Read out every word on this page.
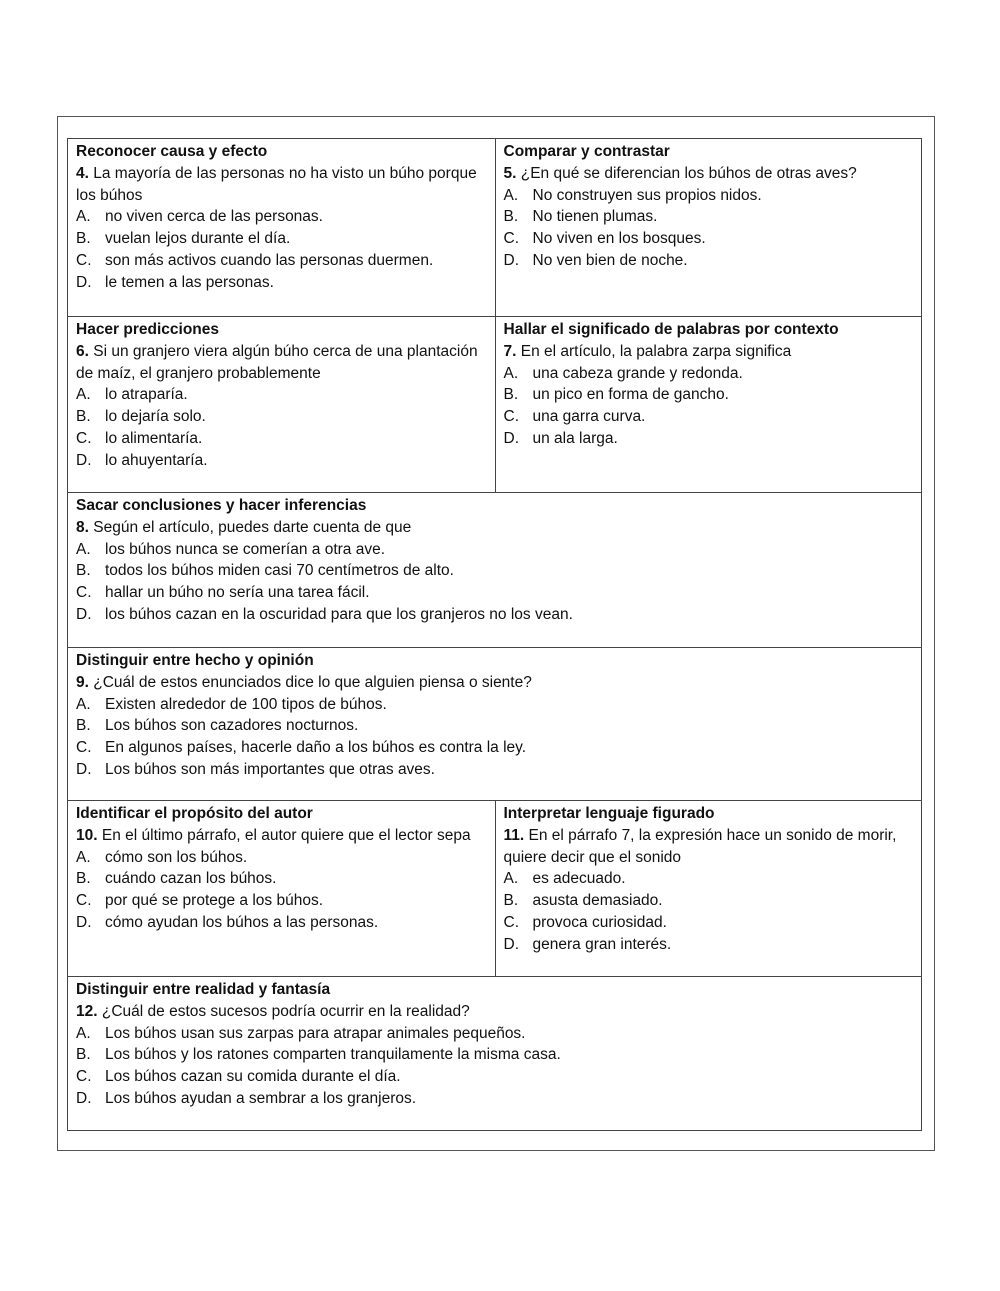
Reconocer causa y efecto
4. La mayoría de las personas no ha visto un búho porque los búhos
A. no viven cerca de las personas.
B. vuelan lejos durante el día.
C. son más activos cuando las personas duermen.
D. le temen a las personas.
Comparar y contrastar
5. ¿En qué se diferencian los búhos de otras aves?
A. No construyen sus propios nidos.
B. No tienen plumas.
C. No viven en los bosques.
D. No ven bien de noche.
Hacer predicciones
6. Si un granjero viera algún búho cerca de una plantación de maíz, el granjero probablemente
A. lo atraparía.
B. lo dejaría solo.
C. lo alimentaría.
D. lo ahuyentaría.
Hallar el significado de palabras por contexto
7. En el artículo, la palabra zarpa significa
A. una cabeza grande y redonda.
B. un pico en forma de gancho.
C. una garra curva.
D. un ala larga.
Sacar conclusiones y hacer inferencias
8. Según el artículo, puedes darte cuenta de que
A. los búhos nunca se comerían a otra ave.
B. todos los búhos miden casi 70 centímetros de alto.
C. hallar un búho no sería una tarea fácil.
D. los búhos cazan en la oscuridad para que los granjeros no los vean.
Distinguir entre hecho y opinión
9. ¿Cuál de estos enunciados dice lo que alguien piensa o siente?
A. Existen alrededor de 100 tipos de búhos.
B. Los búhos son cazadores nocturnos.
C. En algunos países, hacerle daño a los búhos es contra la ley.
D. Los búhos son más importantes que otras aves.
Identificar el propósito del autor
10. En el último párrafo, el autor quiere que el lector sepa
A. cómo son los búhos.
B. cuándo cazan los búhos.
C. por qué se protege a los búhos.
D. cómo ayudan los búhos a las personas.
Interpretar lenguaje figurado
11. En el párrafo 7, la expresión hace un sonido de morir, quiere decir que el sonido
A. es adecuado.
B. asusta demasiado.
C. provoca curiosidad.
D. genera gran interés.
Distinguir entre realidad y fantasía
12. ¿Cuál de estos sucesos podría ocurrir en la realidad?
A. Los búhos usan sus zarpas para atrapar animales pequeños.
B. Los búhos y los ratones comparten tranquilamente la misma casa.
C. Los búhos cazan su comida durante el día.
D. Los búhos ayudan a sembrar a los granjeros.
